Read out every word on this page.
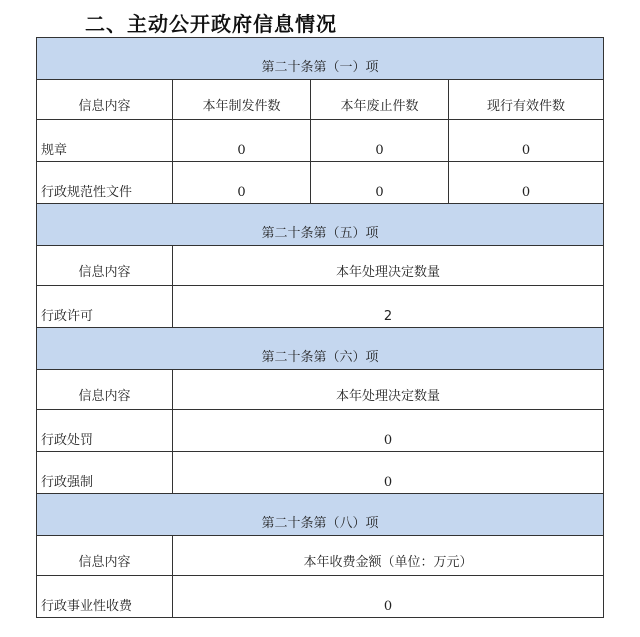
二、主动公开政府信息情况
第二十条第（一）项			
信息内容	本年制发件数	本年废止件数	现行有效件数
规章	0	0	0
行政规范性文件	0	0	0
第二十条第（五）项			
信息内容	本年处理决定数量		
行政许可	2		
第二十条第（六）项			
信息内容	本年处理决定数量		
行政处罚	0		
行政强制	0		
第二十条第（八）项			
信息内容	本年收费金额（单位：万元）		
行政事业性收费	0		
